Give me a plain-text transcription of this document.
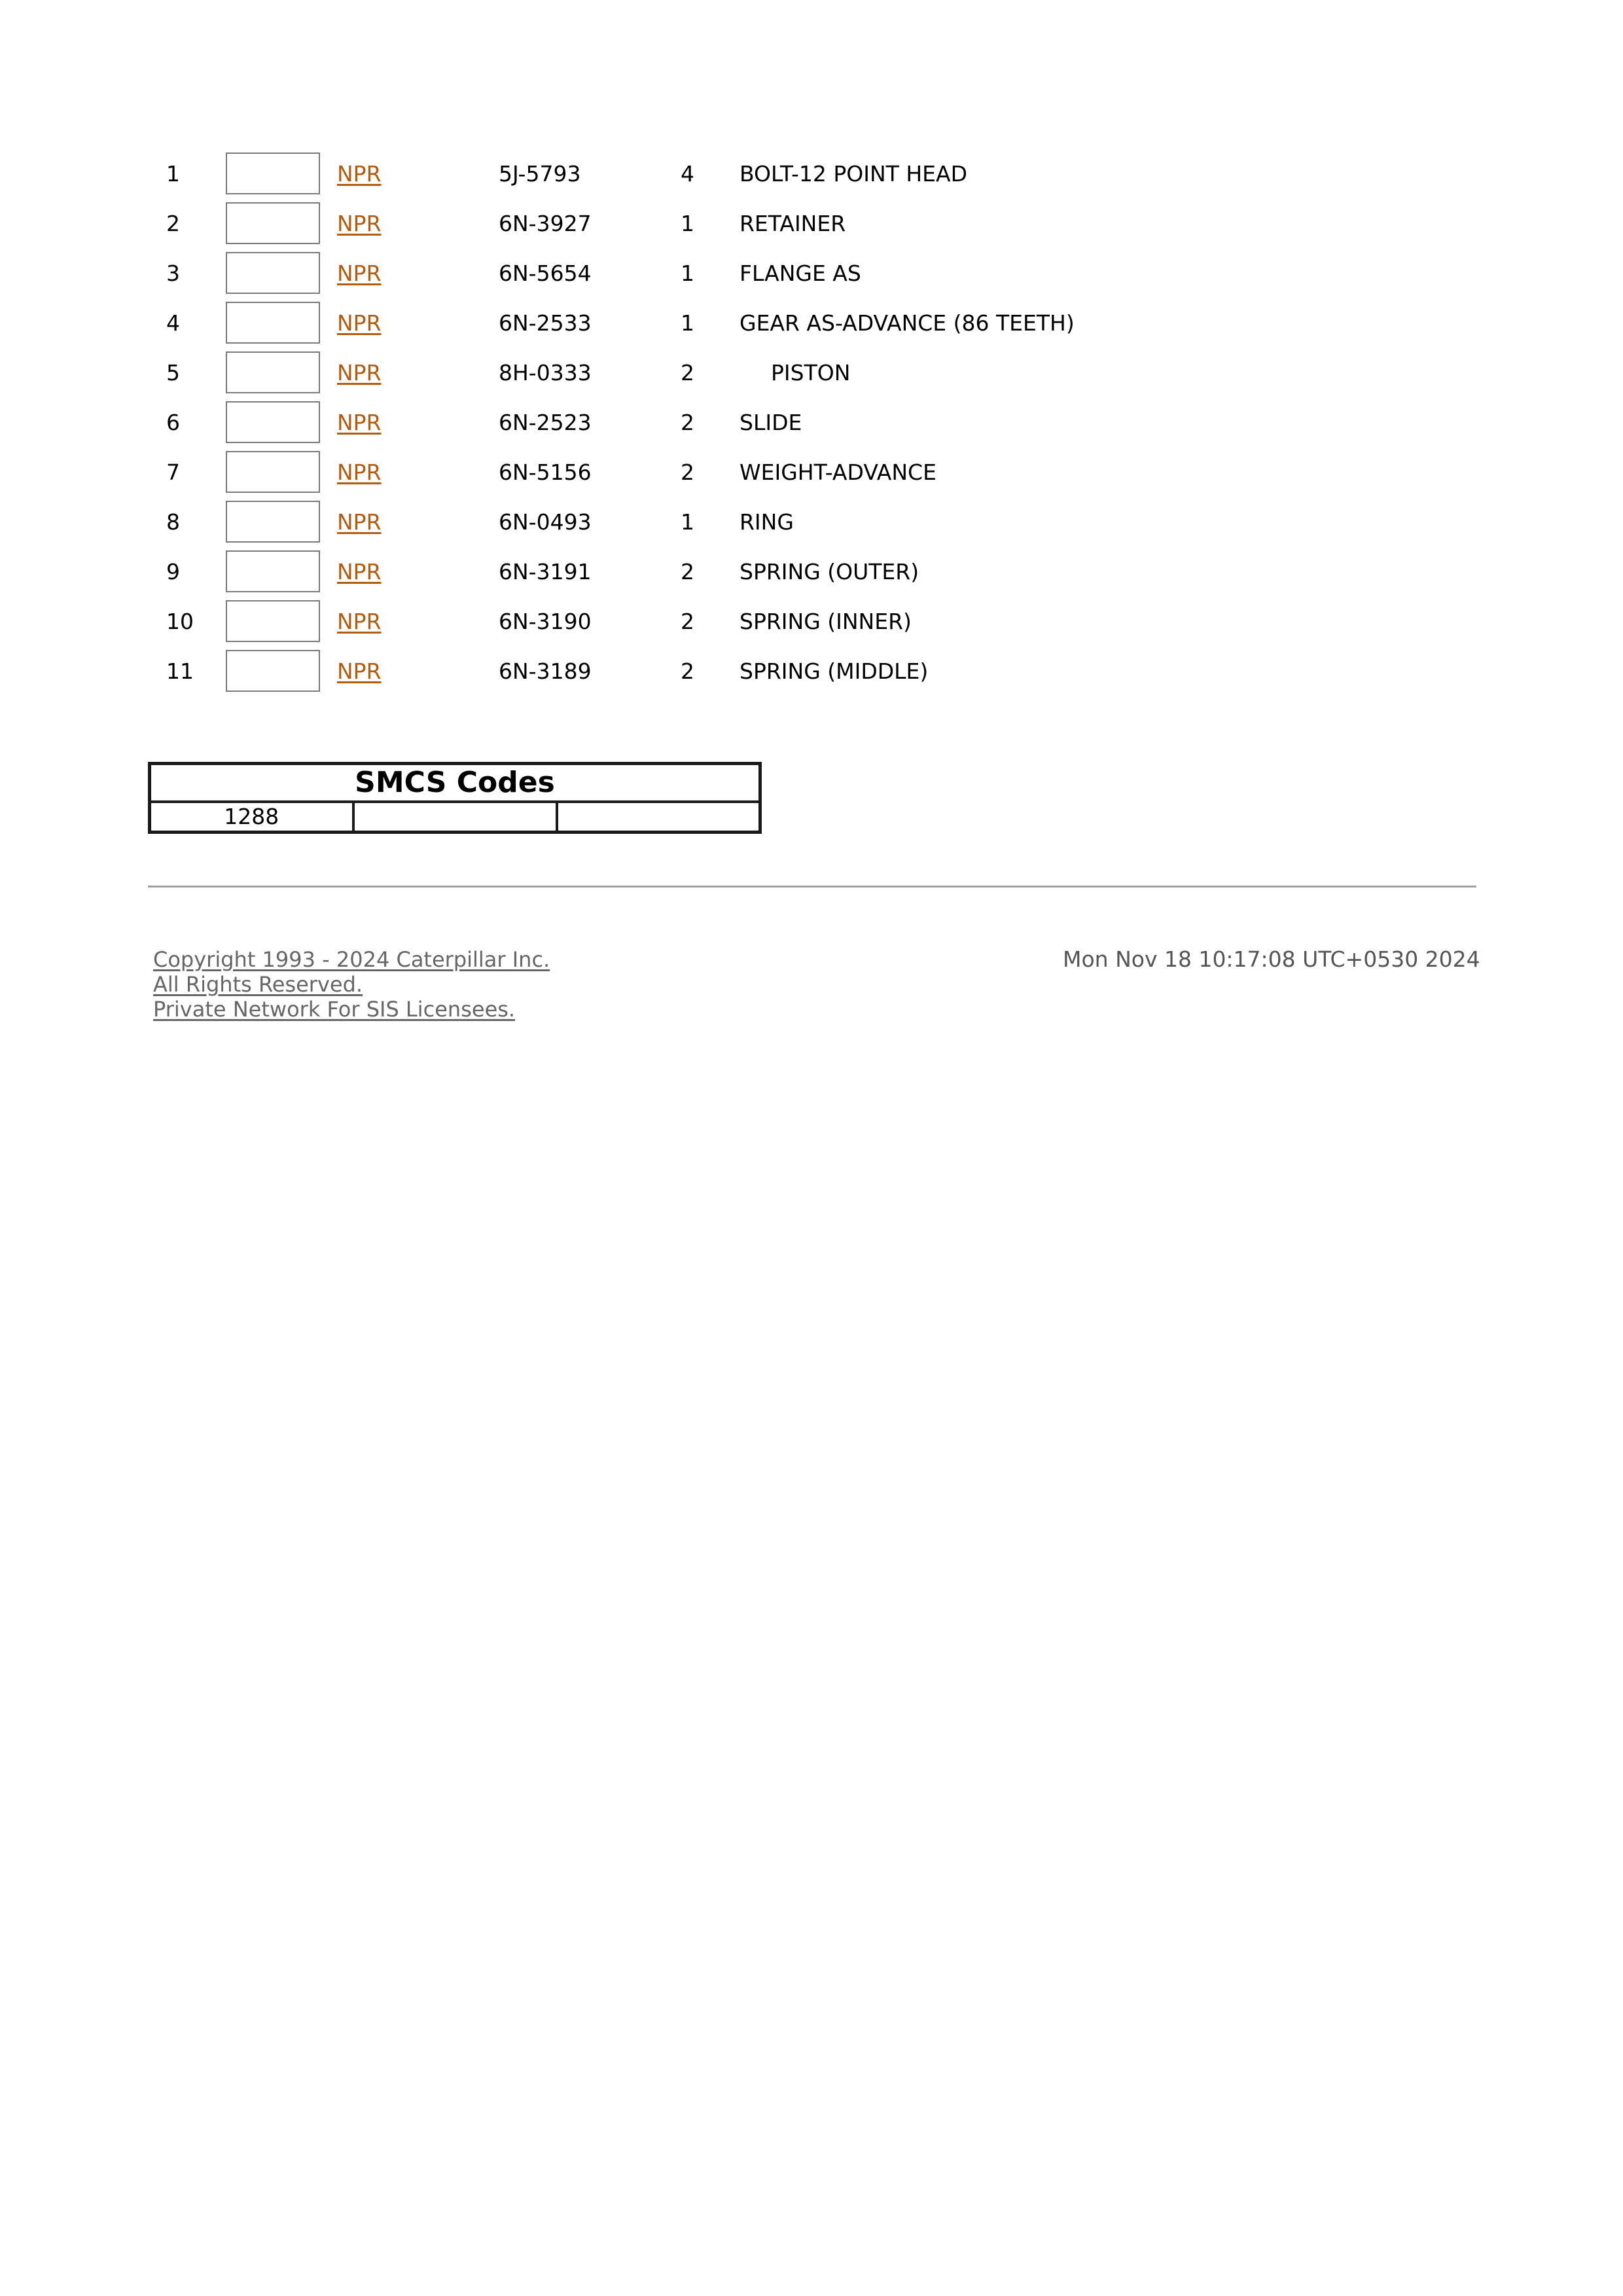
1	NPR	5J-5793	4 BOLT-12 POINT HEAD
2	NPR	6N-3927	1 RETAINER
3	NPR	6N-5654	1 FLANGE AS
4	NPR	6N-2533	1 GEAR AS-ADVANCE (86 TEETH)
5	NPR	8H-0333	2	PISTON
6	NPR	6N-2523	2 SLIDE
7	NPR	6N-5156	2 WEIGHT-ADVANCE
8	NPR	6N-0493	1 RING
9	NPR	6N-3191	2 SPRING (OUTER)
10	NPR	6N-3190	2 SPRING (INNER)
11	NPR	6N-3189	2 SPRING (MIDDLE)
SMCS Codes
1288		
Copyright 1993 - 2024 Caterpillar Inc.
All Rights Reserved.
Private Network For SIS Licensees.
Mon Nov 18 10:17:08 UTC+0530 2024
